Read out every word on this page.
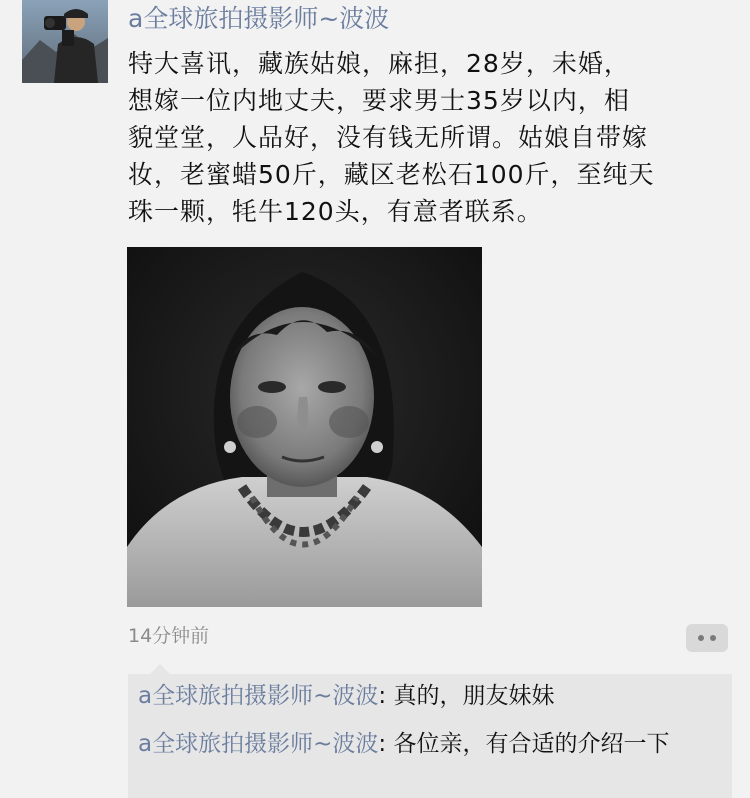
a全球旅拍摄影师~波波

特大喜讯，藏族姑娘，麻担，28岁，未婚，
想嫁一位内地丈夫，要求男士35岁以内，相
貌堂堂，人品好，没有钱无所谓。姑娘自带嫁
妆，老蜜蜡50斤，藏区老松石100斤，至纯天
珠一颗，牦牛120头，有意者联系。

14分钟前
a全球旅拍摄影师~波波: 真的，朋友妹妹
a全球旅拍摄影师~波波: 各位亲，有合适的介绍一下
